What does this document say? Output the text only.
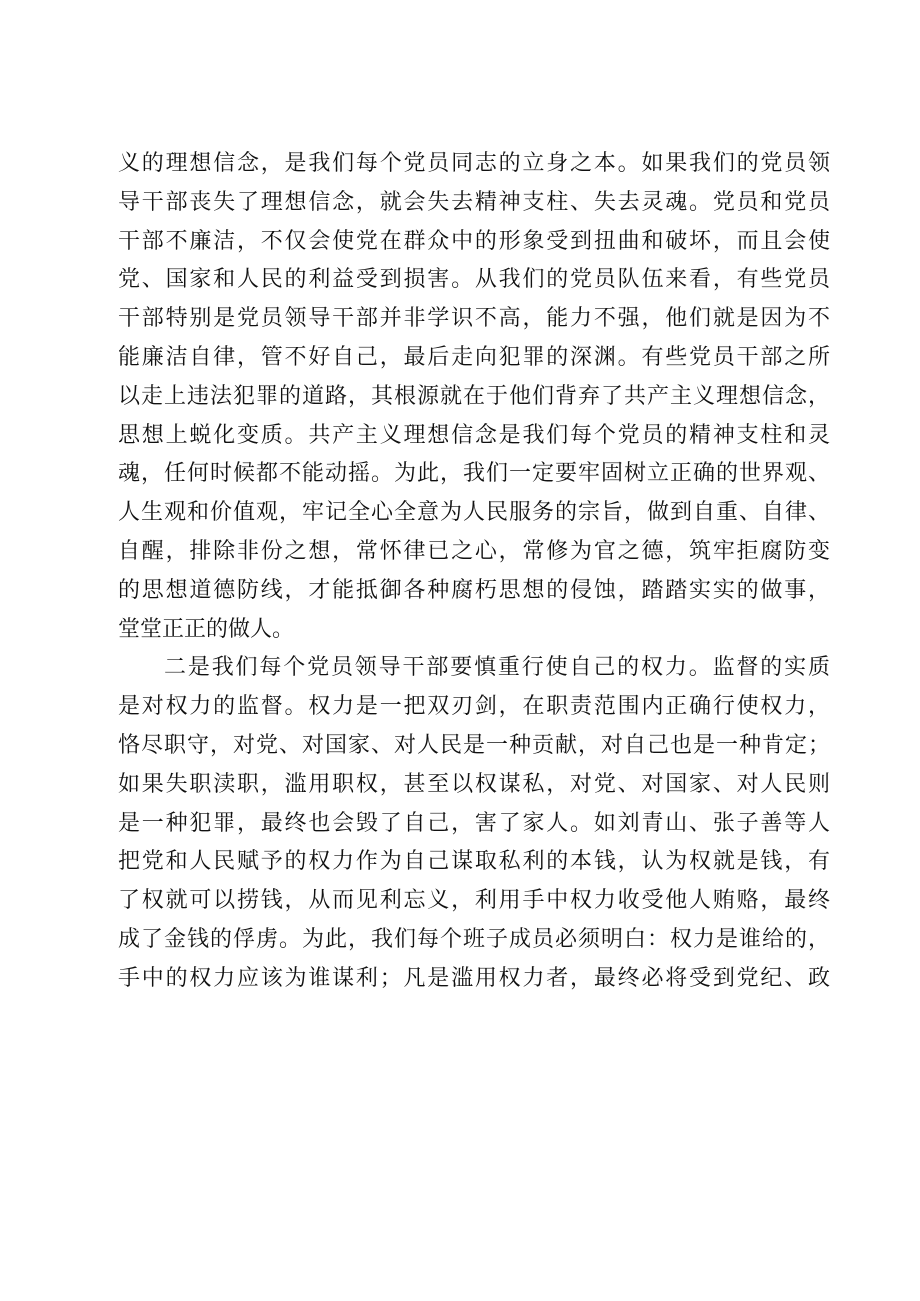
义的理想信念，是我们每个党员同志的立身之本。如果我们的党员领
导干部丧失了理想信念，就会失去精神支柱、失去灵魂。党员和党员
干部不廉洁，不仅会使党在群众中的形象受到扭曲和破坏，而且会使
党、国家和人民的利益受到损害。从我们的党员队伍来看，有些党员
干部特别是党员领导干部并非学识不高，能力不强，他们就是因为不
能廉洁自律，管不好自己，最后走向犯罪的深渊。有些党员干部之所
以走上违法犯罪的道路，其根源就在于他们背弃了共产主义理想信念，
思想上蜕化变质。共产主义理想信念是我们每个党员的精神支柱和灵
魂，任何时候都不能动摇。为此，我们一定要牢固树立正确的世界观、
人生观和价值观，牢记全心全意为人民服务的宗旨，做到自重、自律、
自醒，排除非份之想，常怀律已之心，常修为官之德，筑牢拒腐防变
的思想道德防线，才能抵御各种腐朽思想的侵蚀，踏踏实实的做事，
堂堂正正的做人。
二是我们每个党员领导干部要慎重行使自己的权力。监督的实质
是对权力的监督。权力是一把双刃剑，在职责范围内正确行使权力，
恪尽职守，对党、对国家、对人民是一种贡献，对自己也是一种肯定；
如果失职渎职，滥用职权，甚至以权谋私，对党、对国家、对人民则
是一种犯罪，最终也会毁了自己，害了家人。如刘青山、张子善等人
把党和人民赋予的权力作为自己谋取私利的本钱，认为权就是钱，有
了权就可以捞钱，从而见利忘义，利用手中权力收受他人贿赂，最终
成了金钱的俘虏。为此，我们每个班子成员必须明白：权力是谁给的，
手中的权力应该为谁谋利；凡是滥用权力者，最终必将受到党纪、政
